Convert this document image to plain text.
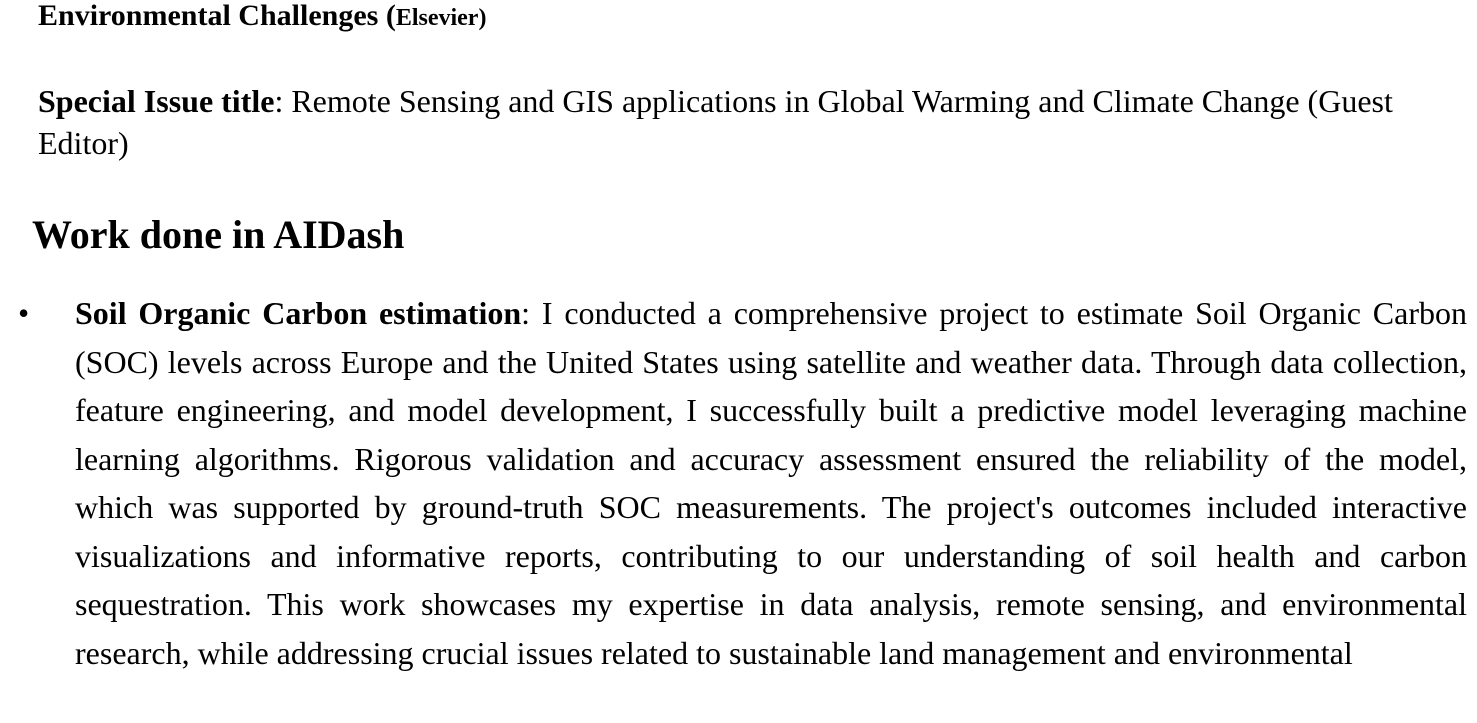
Environmental Challenges (Elsevier)
Special Issue title: Remote Sensing and GIS applications in Global Warming and Climate Change (Guest Editor)
Work done in AIDash
• Soil Organic Carbon estimation: I conducted a comprehensive project to estimate Soil Organic Carbon (SOC) levels across Europe and the United States using satellite and weather data. Through data collection, feature engineering, and model development, I successfully built a predictive model leveraging machine learning algorithms. Rigorous validation and accuracy assessment ensured the reliability of the model, which was supported by ground-truth SOC measurements. The project's outcomes included interactive visualizations and informative reports, contributing to our understanding of soil health and carbon sequestration. This work showcases my expertise in data analysis, remote sensing, and environmental research, while addressing crucial issues related to sustainable land management and environmental
